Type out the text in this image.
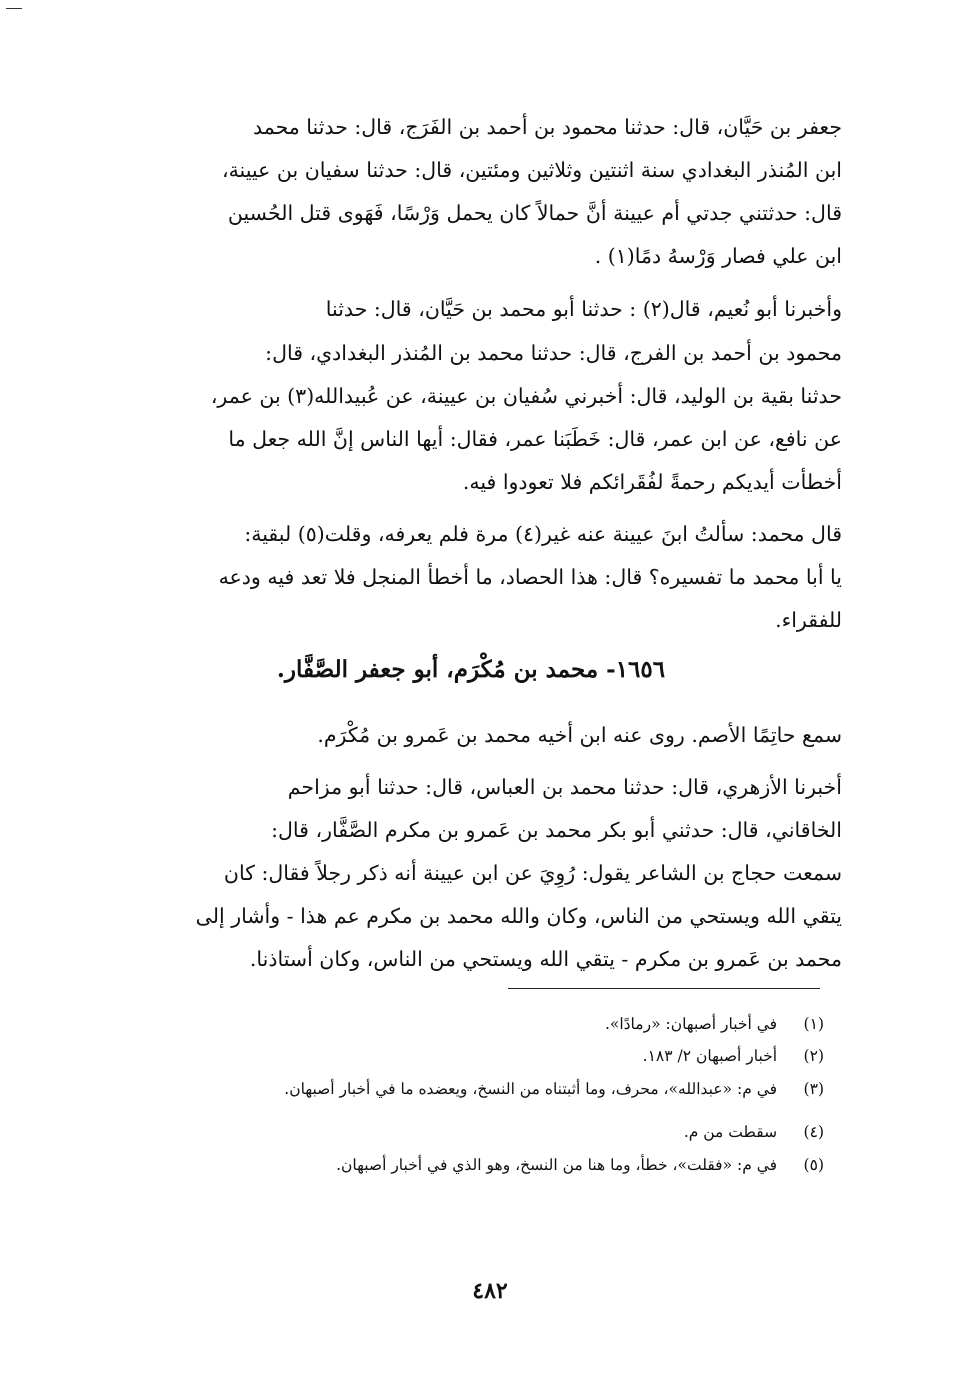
جعفر بن حَيَّان، قال: حدثنا محمود بن أحمد بن الفَرَج، قال: حدثنا محمد
ابن المُنذر البغدادي سنة اثنتين وثلاثين ومئتين، قال: حدثنا سفيان بن عيينة،
قال: حدثتني جدتي أم عيينة أنَّ حمالاً كان يحمل وَرْسًا، فَهَوى قتل الحُسين
ابن علي فصار وَرْسهُ دمًا(١) .
وأخبرنا أبو نُعيم، قال(٢) : حدثنا أبو محمد بن حَيَّان، قال: حدثنا
محمود بن أحمد بن الفرج، قال: حدثنا محمد بن المُنذر البغدادي، قال:
حدثنا بقية بن الوليد، قال: أخبرني سُفيان بن عيينة، عن عُبيدالله(٣) بن عمر،
عن نافع، عن ابن عمر، قال: خَطَبَنا عمر، فقال: أيها الناس إنَّ الله جعل ما
أخطأت أيديكم رحمةً لفُقَرائكم فلا تعودوا فيه.
قال محمد: سألتُ ابنَ عيينة عنه غير(٤) مرة فلم يعرفه، وقلت(٥) لبقية:
يا أبا محمد ما تفسيره؟ قال: هذا الحصاد، ما أخطأ المنجل فلا تعد فيه ودعه
للفقراء.
١٦٥٦- محمد بن مُكْرَم، أبو جعفر الصَّفَّار.
سمع حاتِمًا الأصم. روى عنه ابن أخيه محمد بن عَمرو بن مُكْرَم.
أخبرنا الأزهري، قال: حدثنا محمد بن العباس، قال: حدثنا أبو مزاحم
الخاقاني، قال: حدثني أبو بكر محمد بن عَمرو بن مكرم الصَّفَّار، قال:
سمعت حجاج بن الشاعر يقول: رُوِيَ عن ابن عيينة أنه ذكر رجلاً فقال: كان
يتقي الله ويستحي من الناس، وكان والله محمد بن مكرم عم هذا - وأشار إلى
محمد بن عَمرو بن مكرم - يتقي الله ويستحي من الناس، وكان أستاذنا.
(١) في أخبار أصبهان: «رمادًا».
(٢) أخبار أصبهان ٢/ ١٨٣.
(٣) في م: «عبدالله»، محرف، وما أثبتناه من النسخ، ويعضده ما في أخبار أصبهان.
(٤) سقطت من م.
(٥) في م: «فقلت»، خطأ، وما هنا من النسخ، وهو الذي في أخبار أصبهان.
٤٨٢
